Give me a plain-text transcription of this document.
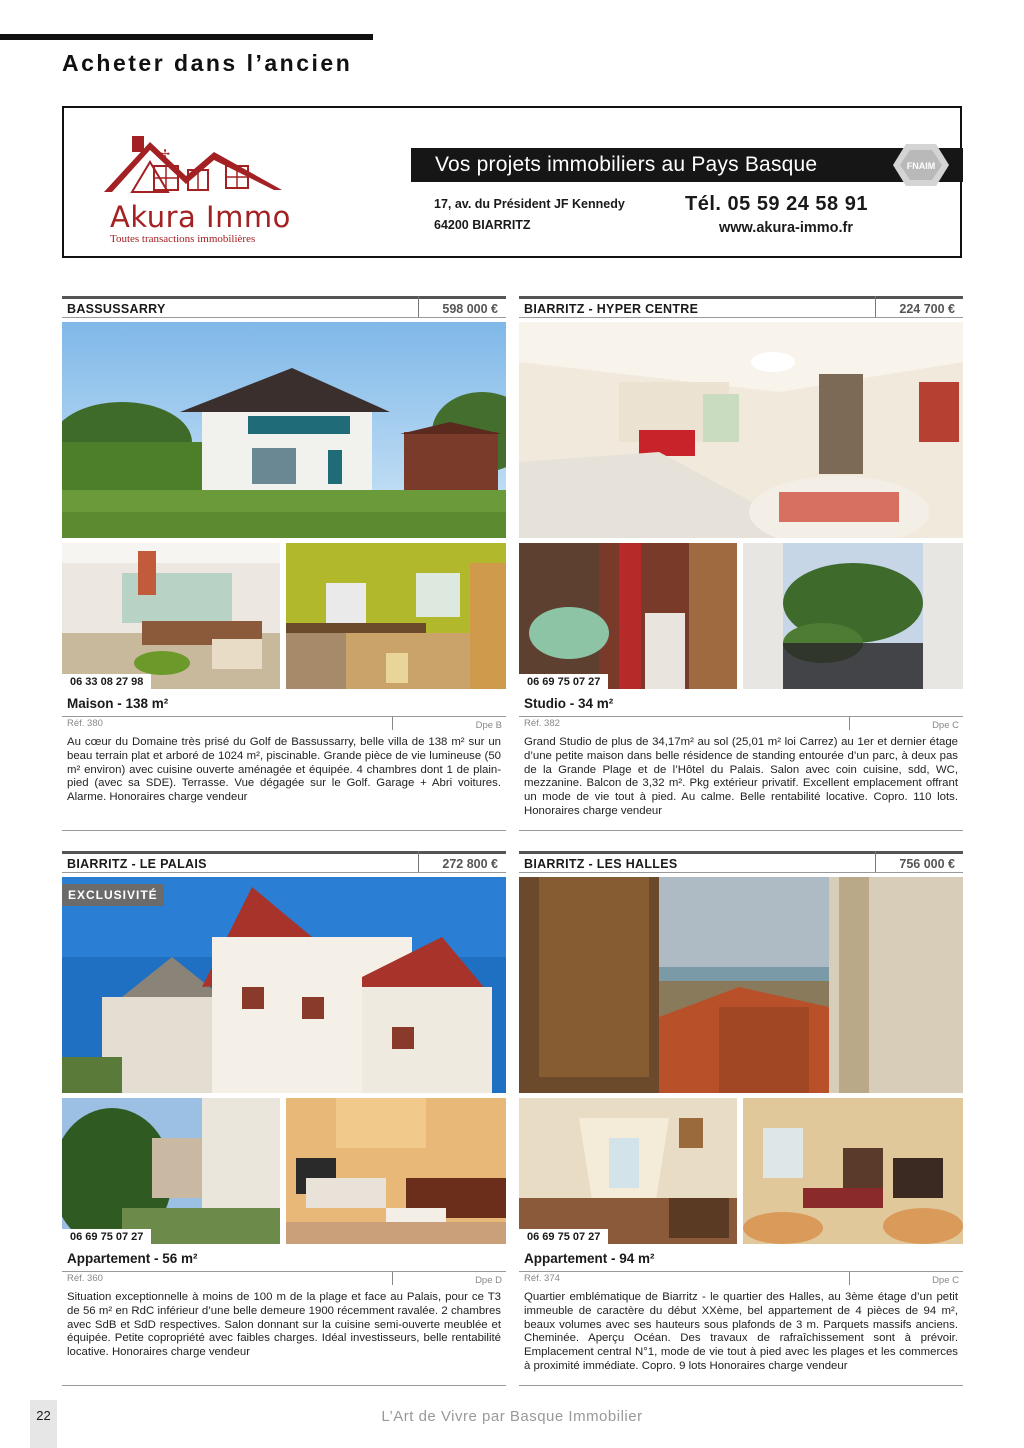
Acheter dans l’ancien
✢
Akura Immo
Toutes transactions immobilières
Vos projets immobiliers au Pays Basque	FNAIM
17, av. du Président JF Kennedy
64200 BIARRITZ
Tél. 05 59 24 58 91
www.akura-immo.fr
BASSUSSARRY	598 000 €
06 33 08 27 98
Maison - 138 m²
Réf. 380	Dpe B
Au cœur du Domaine très prisé du Golf de Bassussarry, belle villa de 138 m² sur un beau terrain plat et arboré de 1024 m², piscinable. Grande pièce de vie lumineuse (50 m² environ) avec cuisine ouverte aménagée et équipée. 4 chambres dont 1 de plain-pied (avec sa SDE). Terrasse. Vue dégagée sur le Golf. Garage + Abri voitures. Alarme. Honoraires charge vendeur
BIARRITZ - HYPER CENTRE	224 700 €
06 69 75 07 27
Studio - 34 m²
Réf. 382	Dpe C
Grand Studio de plus de 34,17m² au sol (25,01 m² loi Carrez) au 1er et dernier étage d’une petite maison dans belle résidence de standing entourée d’un parc, à deux pas de la Grande Plage et de l’Hôtel du Palais. Salon avec coin cuisine, sdd, WC, mezzanine. Balcon de 3,32 m². Pkg extérieur privatif. Excellent emplacement offrant un mode de vie tout à pied. Au calme. Belle rentabilité locative. Copro. 110 lots. Honoraires charge vendeur
BIARRITZ - LE PALAIS	272 800 €
EXCLUSIVITÉ
06 69 75 07 27
Appartement - 56 m²
Réf. 360	Dpe D
Situation exceptionnelle à moins de 100 m de la plage et face au Palais, pour ce T3 de 56 m² en RdC inférieur d’une belle demeure 1900 récemment ravalée. 2 chambres avec SdB et SdD respectives. Salon donnant sur la cuisine semi-ouverte meublée et équipée. Petite copropriété avec faibles charges. Idéal investisseurs, belle rentabilité locative. Honoraires charge vendeur
BIARRITZ - LES HALLES	756 000 €
06 69 75 07 27
Appartement - 94 m²
Réf. 374	Dpe C
Quartier emblématique de Biarritz - le quartier des Halles, au 3ème étage d’un petit immeuble de caractère du début XXème, bel appartement de 4 pièces de 94 m², beaux volumes avec ses hauteurs sous plafonds de 3 m. Parquets massifs anciens. Cheminée. Aperçu Océan. Des travaux de rafraîchissement sont à prévoir. Emplacement central N°1, mode de vie tout à pied avec les plages et les commerces à proximité immédiate. Copro. 9 lots Honoraires charge vendeur
22	L’Art de Vivre par Basque Immobilier
